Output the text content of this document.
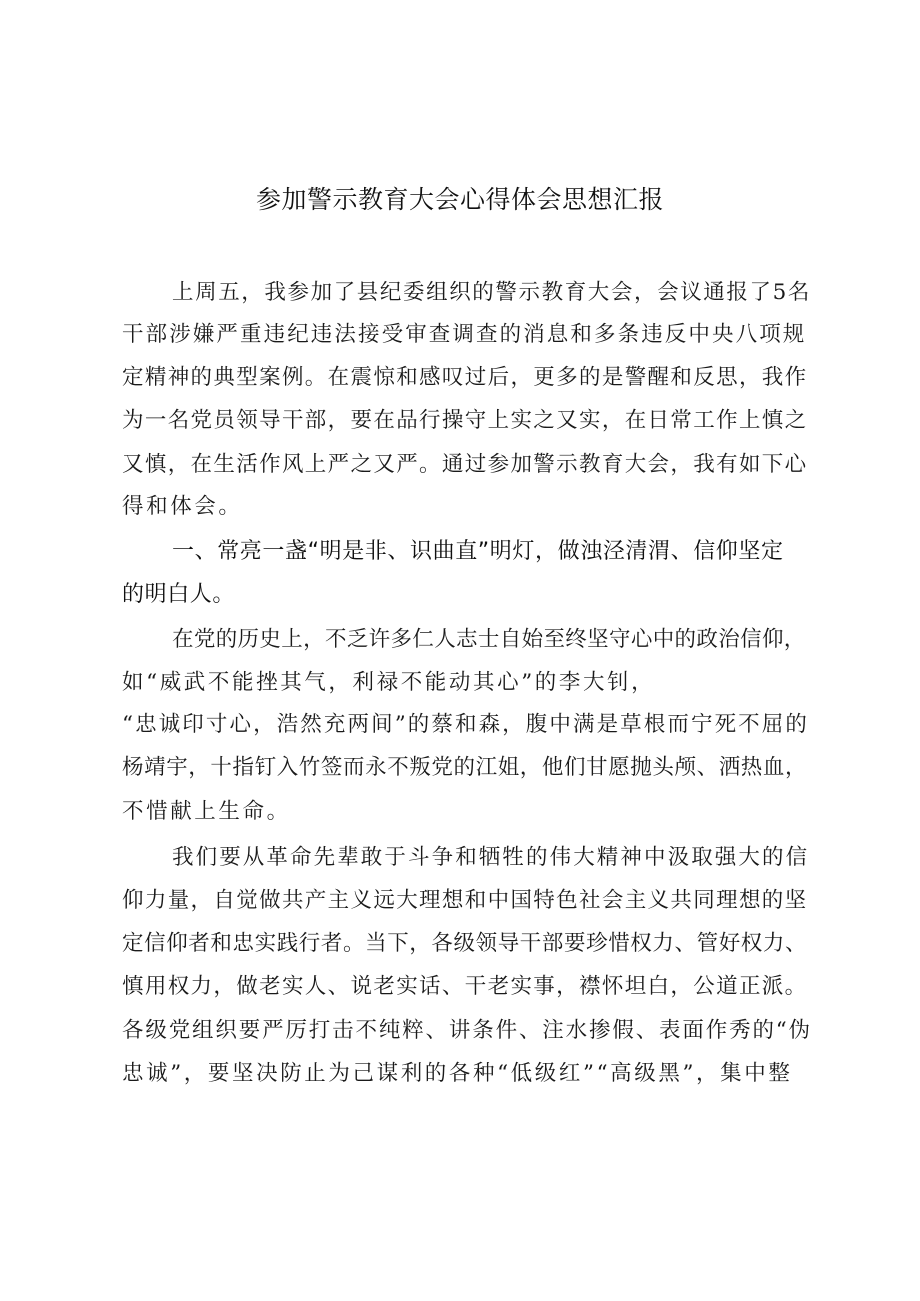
参加警示教育大会心得体会思想汇报
上周五，我参加了县纪委组织的警示教育大会，会议通报了5名
干部涉嫌严重违纪违法接受审查调查的消息和多条违反中央八项规
定精神的典型案例。在震惊和感叹过后，更多的是警醒和反思，我作
为一名党员领导干部，要在品行操守上实之又实，在日常工作上慎之
又慎，在生活作风上严之又严。通过参加警示教育大会，我有如下心
得和体会。
一、常亮一盏“明是非、识曲直”明灯，做浊泾清渭、信仰坚定
的明白人。
在党的历史上，不乏许多仁人志士自始至终坚守心中的政治信仰，
如“威武不能挫其气，利禄不能动其心”的李大钊，
“忠诚印寸心，浩然充两间”的蔡和森，腹中满是草根而宁死不屈的
杨靖宇，十指钉入竹签而永不叛党的江姐，他们甘愿抛头颅、洒热血，
不惜献上生命。
我们要从革命先辈敢于斗争和牺牲的伟大精神中汲取强大的信
仰力量，自觉做共产主义远大理想和中国特色社会主义共同理想的坚
定信仰者和忠实践行者。当下，各级领导干部要珍惜权力、管好权力、
慎用权力，做老实人、说老实话、干老实事，襟怀坦白，公道正派。
各级党组织要严厉打击不纯粹、讲条件、注水掺假、表面作秀的“伪
忠诚”，要坚决防止为己谋利的各种“低级红”“高级黑”，集中整
